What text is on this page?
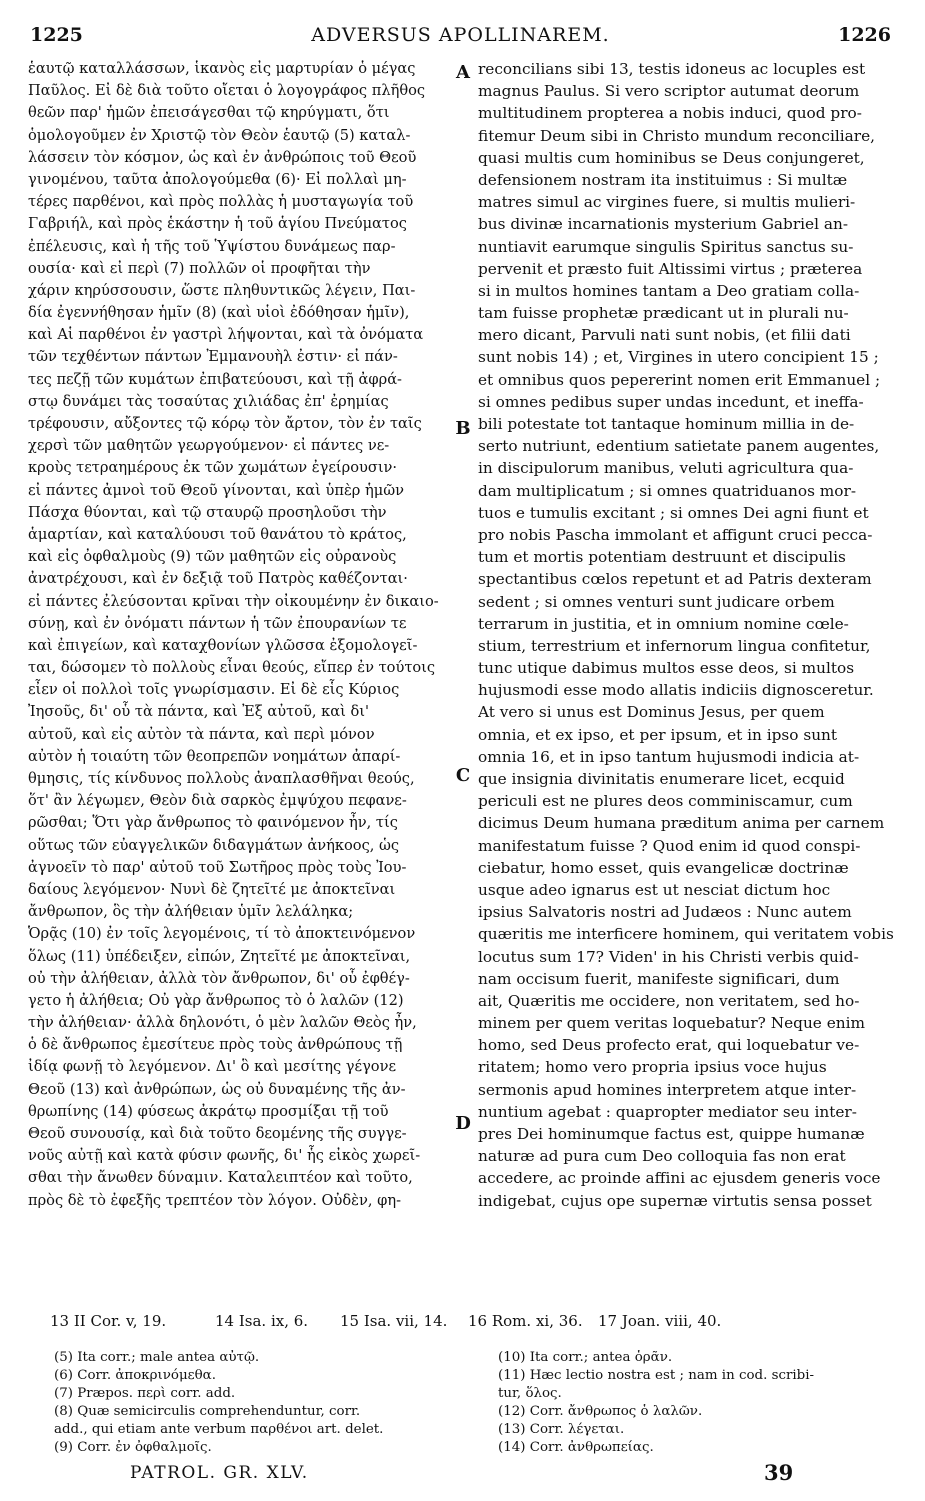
1225	ADVERSUS APOLLINAREM.	1226
ἑαυτῷ καταλλάσσων, ἱκανὸς εἰς μαρτυρίαν ὁ μέγας
Παῦλος. Εἰ δὲ διὰ τοῦτο οἴεται ὁ λογογράφος πλῆθος
θεῶν παρ' ἡμῶν ἐπεισάγεσθαι τῷ κηρύγματι, ὅτι
ὁμολογοῦμεν ἐν Χριστῷ τὸν Θεὸν ἑαυτῷ (5) καταλ-
λάσσειν τὸν κόσμον, ὡς καὶ ἐν ἀνθρώποις τοῦ Θεοῦ
γινομένου, ταῦτα ἀπολογούμεθα (6)· Εἰ πολλαὶ μη-
τέρες παρθένοι, καὶ πρὸς πολλὰς ἡ μυσταγωγία τοῦ
Γαβριήλ, καὶ πρὸς ἑκάστην ἡ τοῦ ἁγίου Πνεύματος
ἐπέλευσις, καὶ ἡ τῆς τοῦ Ὑψίστου δυνάμεως παρ-
ουσία· καὶ εἰ περὶ (7) πολλῶν οἱ προφῆται τὴν
χάριν κηρύσσουσιν, ὥστε πληθυντικῶς λέγειν, Παι-
δία ἐγεννήθησαν ἡμῖν (8) (καὶ υἱοὶ ἐδόθησαν ἡμῖν),
καὶ Αἱ παρθένοι ἐν γαστρὶ λήψονται, καὶ τὰ ὀνόματα
τῶν τεχθέντων πάντων Ἐμμανουὴλ ἐστιν· εἰ πάν-
τες πεζῇ τῶν κυμάτων ἐπιβατεύουσι, καὶ τῇ ἀφρά-
στῳ δυνάμει τὰς τοσαύτας χιλιάδας ἐπ' ἐρημίας
τρέφουσιν, αὔξοντες τῷ κόρῳ τὸν ἄρτον, τὸν ἐν ταῖς
χερσὶ τῶν μαθητῶν γεωργούμενον· εἰ πάντες νε-
κροὺς τετραημέρους ἐκ τῶν χωμάτων ἐγείρουσιν·
εἰ πάντες ἀμνοὶ τοῦ Θεοῦ γίνονται, καὶ ὑπὲρ ἡμῶν
Πάσχα θύονται, καὶ τῷ σταυρῷ προσηλοῦσι τὴν
ἁμαρτίαν, καὶ καταλύουσι τοῦ θανάτου τὸ κράτος,
καὶ εἰς ὀφθαλμοὺς (9) τῶν μαθητῶν εἰς οὐρανοὺς
ἀνατρέχουσι, καὶ ἐν δεξιᾷ τοῦ Πατρὸς καθέζονται·
εἰ πάντες ἐλεύσονται κρῖναι τὴν οἰκουμένην ἐν δικαιο-
σύνῃ, καὶ ἐν ὀνόματι πάντων ἡ τῶν ἐπουρανίων τε
καὶ ἐπιγείων, καὶ καταχθονίων γλῶσσα ἐξομολογεῖ-
ται, δώσομεν τὸ πολλοὺς εἶναι θεούς, εἴπερ ἐν τούτοις
εἶεν οἱ πολλοὶ τοῖς γνωρίσμασιν. Εἰ δὲ εἷς Κύριος
Ἰησοῦς, δι' οὗ τὰ πάντα, καὶ Ἐξ αὐτοῦ, καὶ δι'
αὐτοῦ, καὶ εἰς αὐτὸν τὰ πάντα, καὶ περὶ μόνον
αὐτὸν ἡ τοιαύτη τῶν θεοπρεπῶν νοημάτων ἀπαρί-
θμησις, τίς κίνδυνος πολλοὺς ἀναπλασθῆναι θεούς,
ὅτ' ἂν λέγωμεν, Θεὸν διὰ σαρκὸς ἐμψύχου πεφανε-
ρῶσθαι; Ὅτι γὰρ ἄνθρωπος τὸ φαινόμενον ἦν, τίς
οὕτως τῶν εὐαγγελικῶν διδαγμάτων ἀνήκοος, ὡς
ἀγνοεῖν τὸ παρ' αὐτοῦ τοῦ Σωτῆρος πρὸς τοὺς Ἰου-
δαίους λεγόμενον· Νυνὶ δὲ ζητεῖτέ με ἀποκτεῖναι
ἄνθρωπον, ὃς τὴν ἀλήθειαν ὑμῖν λελάληκα;
Ὁρᾷς (10) ἐν τοῖς λεγομένοις, τί τὸ ἀποκτεινόμενον
ὅλως (11) ὑπέδειξεν, εἰπών, Ζητεῖτέ με ἀποκτεῖναι,
οὐ τὴν ἀλήθειαν, ἀλλὰ τὸν ἄνθρωπον, δι' οὗ ἐφθέγ-
γετο ἡ ἀλήθεια; Οὐ γὰρ ἄνθρωπος τὸ ὁ λαλῶν (12)
τὴν ἀλήθειαν· ἀλλὰ δηλονότι, ὁ μὲν λαλῶν Θεὸς ἦν,
ὁ δὲ ἄνθρωπος ἐμεσίτευε πρὸς τοὺς ἀνθρώπους τῇ
ἰδίᾳ φωνῇ τὸ λεγόμενον. Δι' ὃ καὶ μεσίτης γέγονε
Θεοῦ (13) καὶ ἀνθρώπων, ὡς οὐ δυναμένης τῆς ἀν-
θρωπίνης (14) φύσεως ἀκράτῳ προσμίξαι τῇ τοῦ
Θεοῦ συνουσίᾳ, καὶ διὰ τοῦτο δεομένης τῆς συγγε-
νοῦς αὐτῇ καὶ κατὰ φύσιν φωνῆς, δι' ἧς εἰκὸς χωρεῖ-
σθαι τὴν ἄνωθεν δύναμιν. Καταλειπτέον καὶ τοῦτο,
πρὸς δὲ τὸ ἐφεξῆς τρεπτέον τὸν λόγον. Οὐδὲν, φη-
reconcilians sibi 13, testis idoneus ac locuples est
magnus Paulus. Si vero scriptor autumat deorum
multitudinem propterea a nobis induci, quod pro-
fitemur Deum sibi in Christo mundum reconciliare,
quasi multis cum hominibus se Deus conjungeret,
defensionem nostram ita instituimus : Si multæ
matres simul ac virgines fuere, si multis mulieri-
bus divinæ incarnationis mysterium Gabriel an-
nuntiavit earumque singulis Spiritus sanctus su-
pervenit et præsto fuit Altissimi virtus ; præterea
si in multos homines tantam a Deo gratiam colla-
tam fuisse prophetæ prædicant ut in plurali nu-
mero dicant, Parvuli nati sunt nobis, (et filii dati
sunt nobis 14) ; et, Virgines in utero concipient 15 ;
et omnibus quos pepererint nomen erit Emmanuel ;
si omnes pedibus super undas incedunt, et ineffa-
bili potestate tot tantaque hominum millia in de-
serto nutriunt, edentium satietate panem augentes,
in discipulorum manibus, veluti agricultura qua-
dam multiplicatum ; si omnes quatriduanos mor-
tuos e tumulis excitant ; si omnes Dei agni fiunt et
pro nobis Pascha immolant et affigunt cruci pecca-
tum et mortis potentiam destruunt et discipulis
spectantibus cœlos repetunt et ad Patris dexteram
sedent ; si omnes venturi sunt judicare orbem
terrarum in justitia, et in omnium nomine cœle-
stium, terrestrium et infernorum lingua confitetur,
tunc utique dabimus multos esse deos, si multos
hujusmodi esse modo allatis indiciis dignosceretur.
At vero si unus est Dominus Jesus, per quem
omnia, et ex ipso, et per ipsum, et in ipso sunt
omnia 16, et in ipso tantum hujusmodi indicia at-
que insignia divinitatis enumerare licet, ecquid
periculi est ne plures deos comminiscamur, cum
dicimus Deum humana præditum anima per carnem
manifestatum fuisse ? Quod enim id quod conspi-
ciebatur, homo esset, quis evangelicæ doctrinæ
usque adeo ignarus est ut nesciat dictum hoc
ipsius Salvatoris nostri ad Judæos : Nunc autem
quæritis me interficere hominem, qui veritatem vobis
locutus sum 17? Viden' in his Christi verbis quid-
nam occisum fuerit, manifeste significari, dum
ait, Quæritis me occidere, non veritatem, sed ho-
minem per quem veritas loquebatur? Neque enim
homo, sed Deus profecto erat, qui loquebatur ve-
ritatem; homo vero propria ipsius voce hujus
sermonis apud homines interpretem atque inter-
nuntium agebat : quapropter mediator seu inter-
pres Dei hominumque factus est, quippe humanæ
naturæ ad pura cum Deo colloquia fas non erat
accedere, ac proinde affini ac ejusdem generis voce
indigebat, cujus ope supernæ virtutis sensa posset
A
B
C
D
13 II Cor. v, 19.	14 Isa. ix, 6. 15 Isa. vii, 14. 16 Rom. xi, 36. 17 Joan. viii, 40.
(5) Ita corr.; male antea αὐτῷ.
(6) Corr. ἀποκρινόμεθα.
(7) Præpos. περὶ corr. add.
(8) Quæ semicirculis comprehenduntur, corr.
add., qui etiam ante verbum παρθένοι art. delet.
(9) Corr. ἐν ὀφθαλμοῖς.
(10) Ita corr.; antea ὁρᾶν.
(11) Hæc lectio nostra est ; nam in cod. scribi-
tur, ὅλος.
(12) Corr. ἄνθρωπος ὁ λαλῶν.
(13) Corr. λέγεται.
(14) Corr. ἀνθρωπείας.
PATROL. GR. XLV.	39
